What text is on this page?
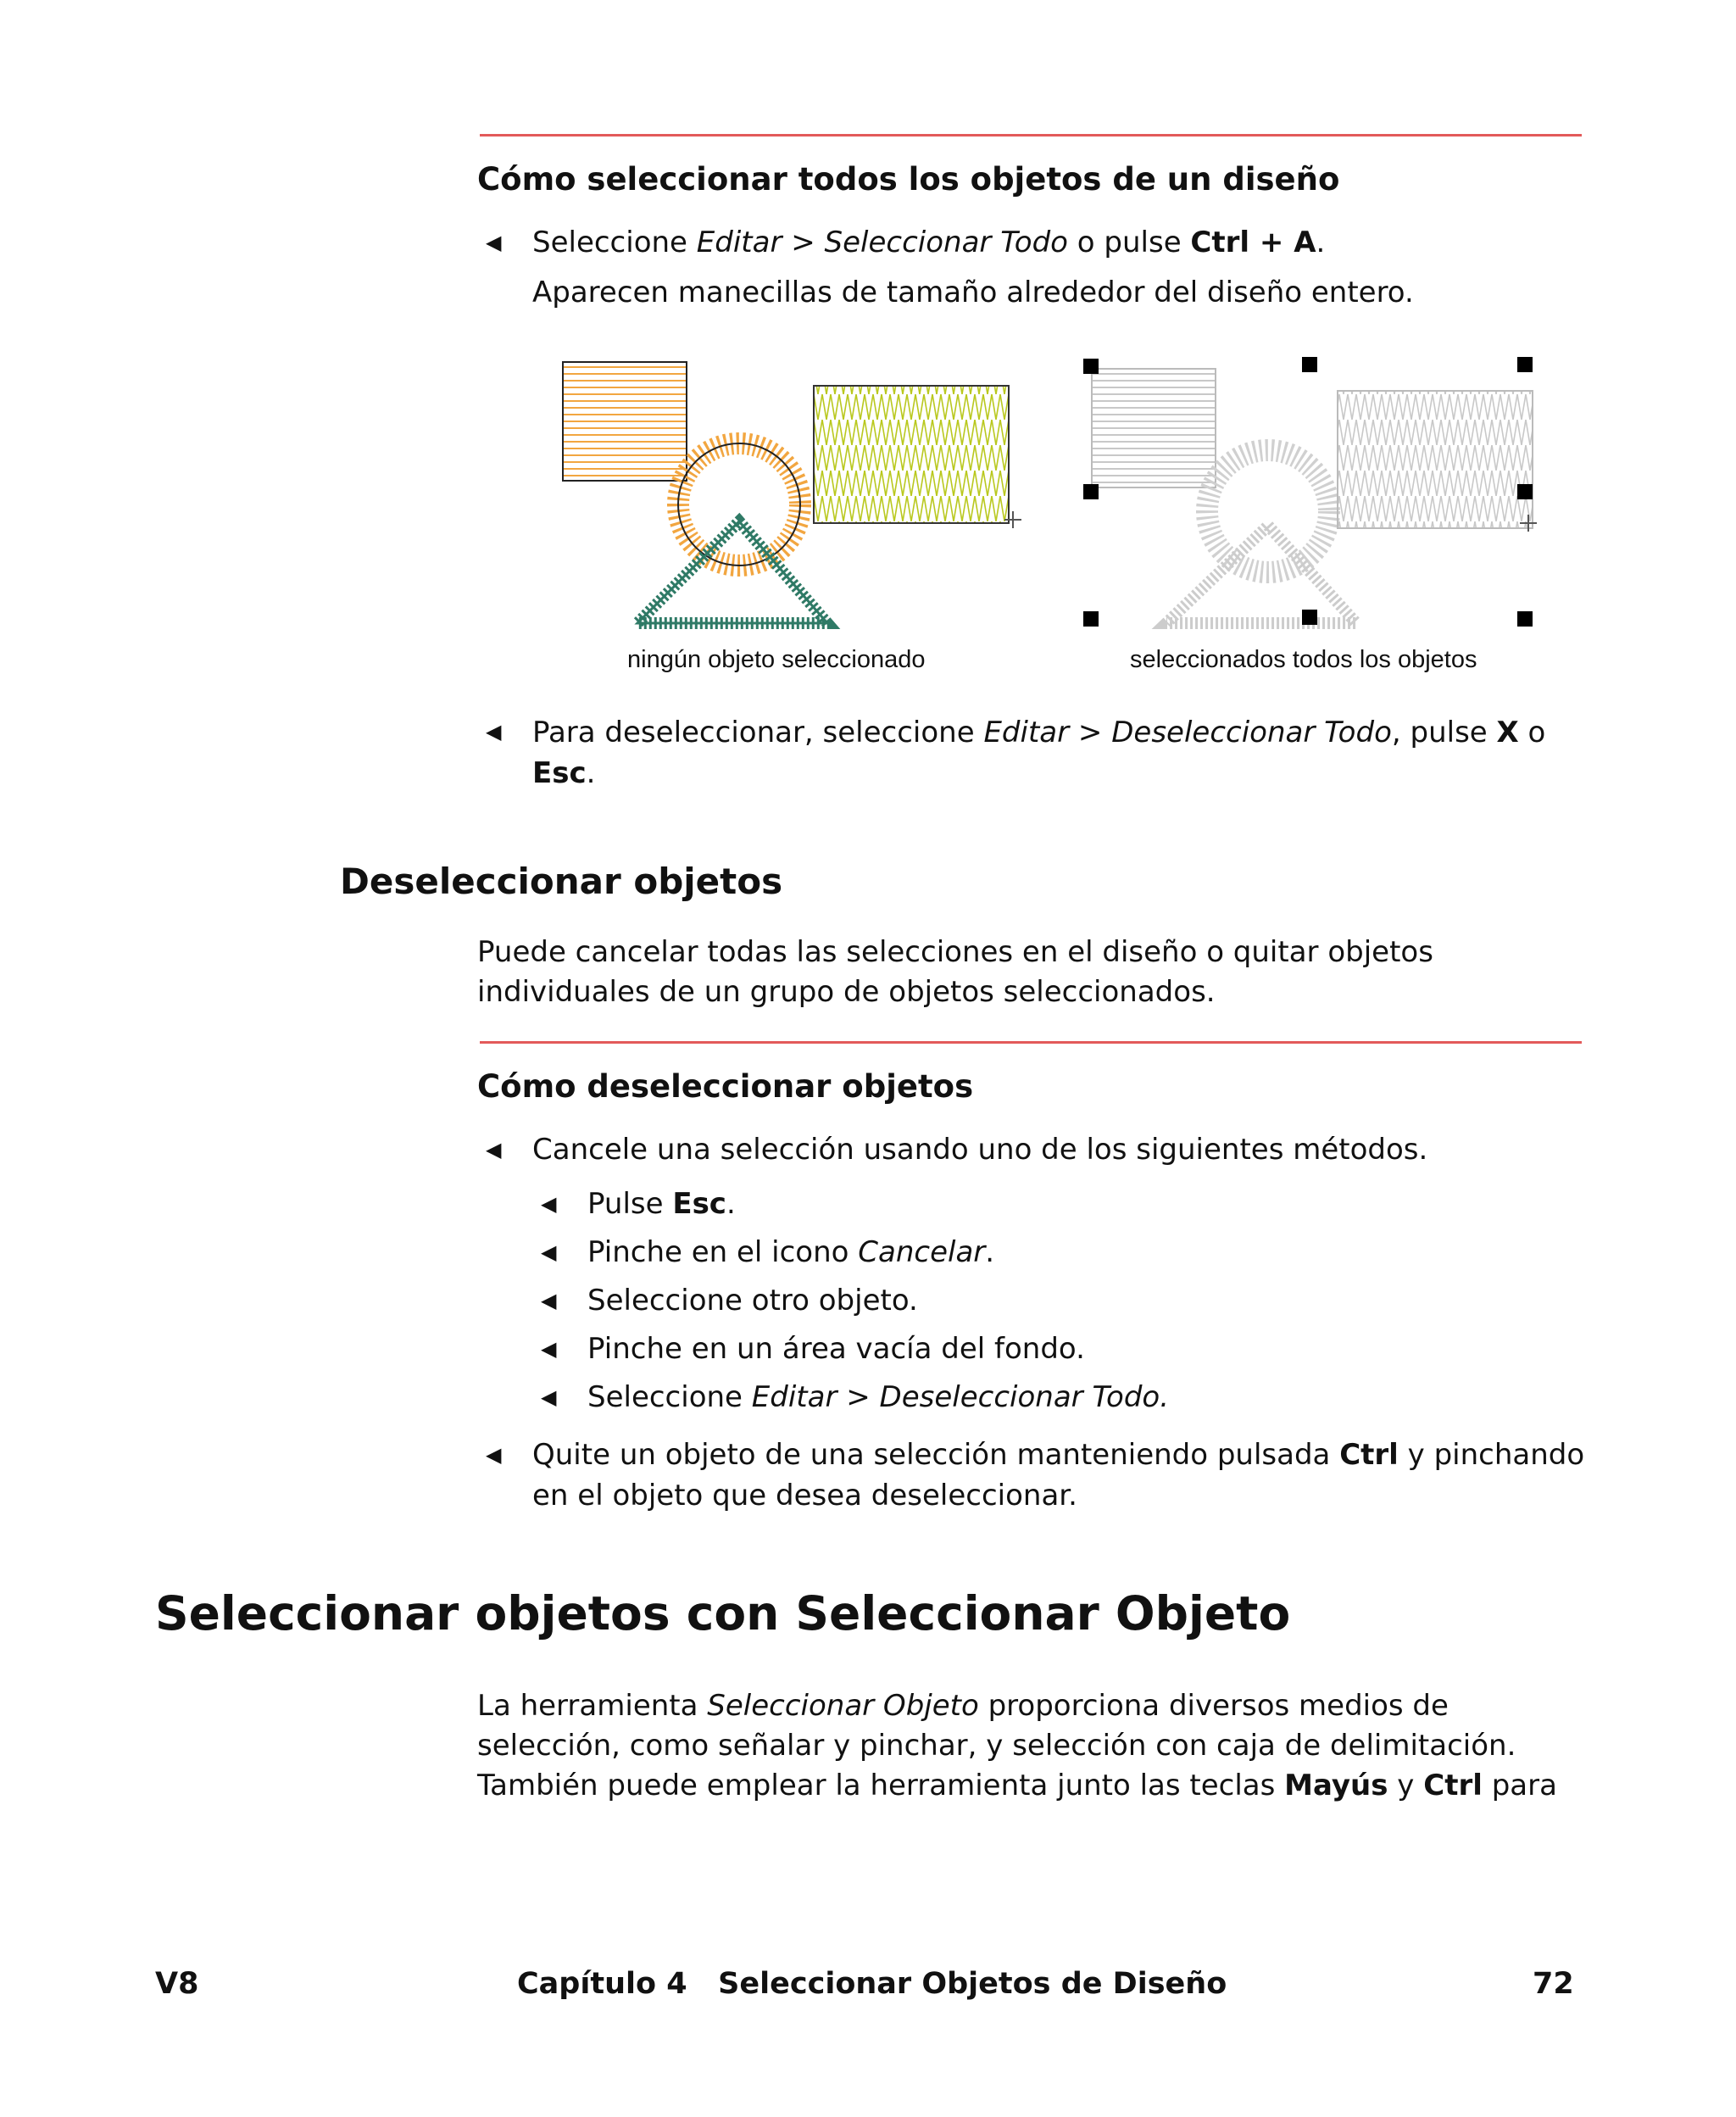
Cómo seleccionar todos los objetos de un diseño
◀ Seleccione Editar > Seleccionar Todo o pulse Ctrl + A.
Aparecen manecillas de tamaño alrededor del diseño entero.
ningún objeto seleccionado	seleccionados todos los objetos
◀ Para deseleccionar, seleccione Editar > Deseleccionar Todo, pulse X o
Esc.
Deseleccionar objetos
Puede cancelar todas las selecciones en el diseño o quitar objetos
individuales de un grupo de objetos seleccionados.
Cómo deseleccionar objetos
◀ Cancele una selección usando uno de los siguientes métodos.
◀ Pulse Esc.
◀ Pinche en el icono Cancelar.
◀ Seleccione otro objeto.
◀ Pinche en un área vacía del fondo.
◀ Seleccione Editar > Deseleccionar Todo.
◀ Quite un objeto de una selección manteniendo pulsada Ctrl y pinchando
en el objeto que desea deseleccionar.
Seleccionar objetos con Seleccionar Objeto
La herramienta Seleccionar Objeto proporciona diversos medios de
selección, como señalar y pinchar, y selección con caja de delimitación.
También puede emplear la herramienta junto las teclas Mayús y Ctrl para
V8	Capítulo 4 Seleccionar Objetos de Diseño	72
